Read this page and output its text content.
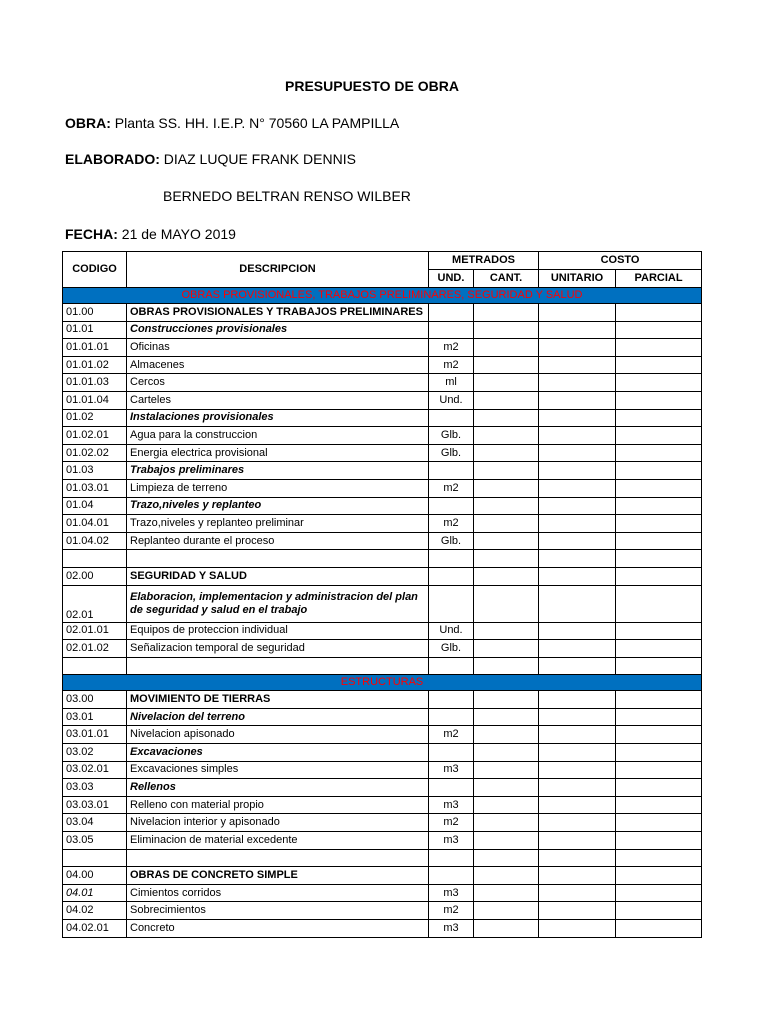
PRESUPUESTO DE OBRA
OBRA: Planta SS. HH. I.E.P. N° 70560 LA PAMPILLA
ELABORADO: DIAZ LUQUE FRANK DENNIS
BERNEDO BELTRAN RENSO WILBER
FECHA: 21 de MAYO 2019
CODIGO	DESCRIPCION	METRADOS		COSTO	
		UND.	CANT.	UNITARIO	PARCIAL
OBRAS PROVISIONALES, TRABAJOS PRELIMINARES, SEGURIDAD Y SALUD					
01.00	OBRAS PROVISIONALES Y TRABAJOS PRELIMINARES				
01.01	Construcciones provisionales				
01.01.01	Oficinas	m2			
01.01.02	Almacenes	m2			
01.01.03	Cercos	ml			
01.01.04	Carteles	Und.			
01.02	Instalaciones provisionales				
01.02.01	Agua para la construccion	Glb.			
01.02.02	Energia electrica provisional	Glb.			
01.03	Trabajos preliminares				
01.03.01	Limpieza de terreno	m2			
01.04	Trazo,niveles y replanteo				
01.04.01	Trazo,niveles y replanteo preliminar	m2			
01.04.02	Replanteo durante el proceso	Glb.			

02.00	SEGURIDAD Y SALUD				
02.01	Elaboracion, implementacion y administracion del plan de seguridad y salud en el trabajo				
02.01.01	Equipos de proteccion individual	Und.			
02.01.02	Señalizacion temporal de seguridad	Glb.			

ESTRUCTURAS					
03.00	MOVIMIENTO DE TIERRAS				
03.01	Nivelacion del terreno				
03.01.01	Nivelacion apisonado	m2			
03.02	Excavaciones				
03.02.01	Excavaciones simples	m3			
03.03	Rellenos				
03.03.01	Relleno con material propio	m3			
03.04	Nivelacion interior y apisonado	m2			
03.05	Eliminacion de material excedente	m3			

04.00	OBRAS DE CONCRETO SIMPLE				
04.01	Cimientos corridos	m3			
04.02	Sobrecimientos	m2			
04.02.01	Concreto	m3			
